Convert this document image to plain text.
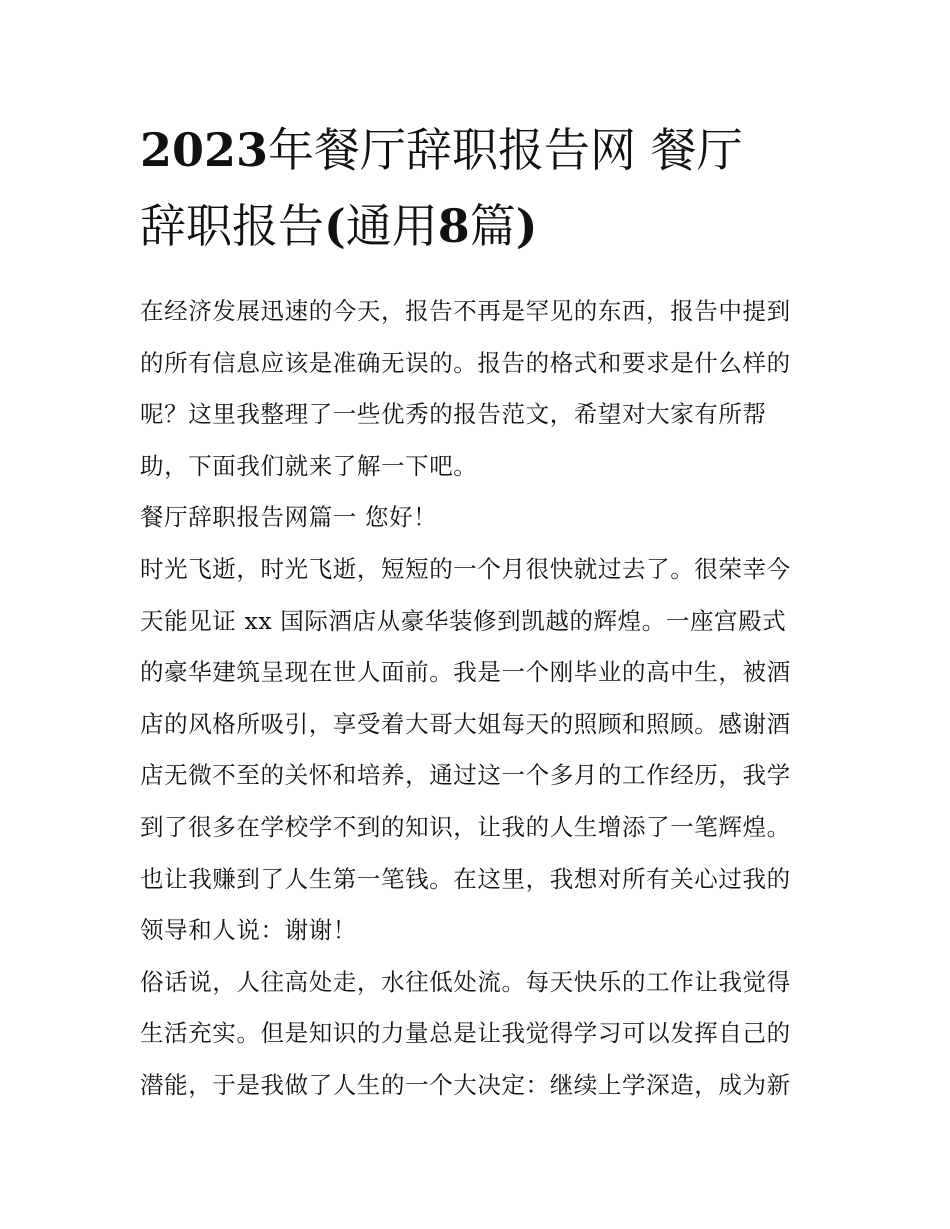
2023年餐厅辞职报告网 餐厅
辞职报告(通用8篇)
在经济发展迅速的今天，报告不再是罕见的东西，报告中提到
的所有信息应该是准确无误的。报告的格式和要求是什么样的
呢？这里我整理了一些优秀的报告范文，希望对大家有所帮
助，下面我们就来了解一下吧。
餐厅辞职报告网篇一 您好！
时光飞逝，时光飞逝，短短的一个月很快就过去了。很荣幸今
天能见证 xx 国际酒店从豪华装修到凯越的辉煌。一座宫殿式
的豪华建筑呈现在世人面前。我是一个刚毕业的高中生，被酒
店的风格所吸引，享受着大哥大姐每天的照顾和照顾。感谢酒
店无微不至的关怀和培养，通过这一个多月的工作经历，我学
到了很多在学校学不到的知识，让我的人生增添了一笔辉煌。
也让我赚到了人生第一笔钱。在这里，我想对所有关心过我的
领导和人说：谢谢！
俗话说，人往高处走，水往低处流。每天快乐的工作让我觉得
生活充实。但是知识的力量总是让我觉得学习可以发挥自己的
潜能，于是我做了人生的一个大决定：继续上学深造，成为新
